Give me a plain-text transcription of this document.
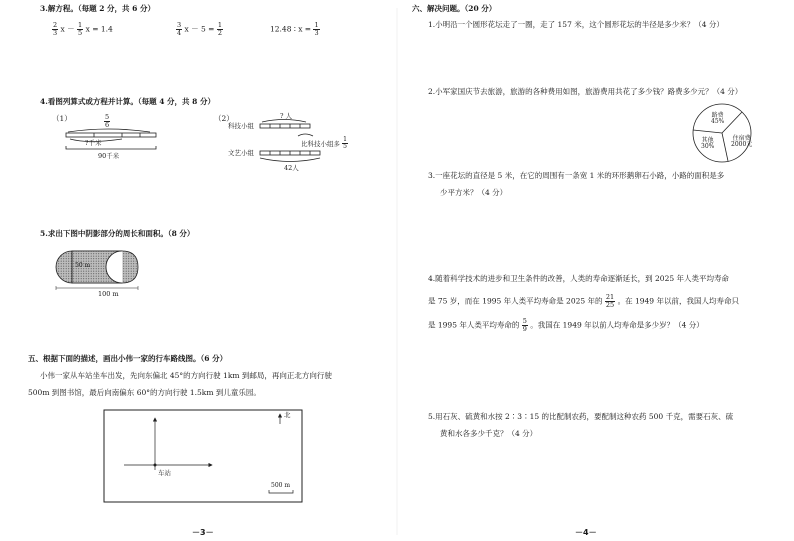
3.解方程。（每题 2 分，共 6 分）
$\frac{2}{3}$ $x - \frac{1}{5}$ x = 1.4	$\frac{3}{4}$ $x - 5 = \frac{1}{2}$	12.48 ∶ $x = \frac{1}{3}$
4.看图列算式或方程并计算。（每题 4 分，共 8 分）
（1）	$\frac{5}{6}$
?千米
90千米
（2）	? 人
科技小组
比科技小组多 $\frac{1}{5}$
文艺小组
42人
5.求出下图中阴影部分的周长和面积。（8 分）
50 m
100 m
五、根据下面的描述，画出小伟一家的行车路线图。（6 分）
小伟一家从车站坐车出发，先向东偏北 45°的方向行驶 1km 到邮局，再向正北方向行驶
500m 到图书馆，最后向南偏东 60°的方向行驶 1.5km 到儿童乐园。
北
车站
500 m
－3－
六、解决问题。（20 分）
1.小明沿一个圆形花坛走了一圈，走了 157 米，这个圆形花坛的半径是多少米？（4 分）
2.小军家国庆节去旅游，旅游的各种费用如图，旅游费用共花了多少钱？路费多少元？（4 分）
路费
45%
其他
30%
住宿费
2000元
3.一座花坛的直径是 5 米，在它的周围有一条宽 1 米的环形鹅卵石小路，小路的面积是多
少平方米？（4 分）
4.随着科学技术的进步和卫生条件的改善，人类的寿命逐渐延长，到 2025 年人类平均寿命
是 75 岁，而在 1995 年人类平均寿命是 2025 年的 $\frac{21}{25}$ 。在 1949 年以前，我国人均寿命只
是 1995 年人类平均寿命的 $\frac{5}{9}$ 。我国在 1949 年以前人均寿命是多少岁？（4 分）
5.用石灰、硫黄和水按 2∶3∶15 的比配制农药，要配制这种农药 500 千克，需要石灰、硫
黄和水各多少千克？（4 分）
－4－
